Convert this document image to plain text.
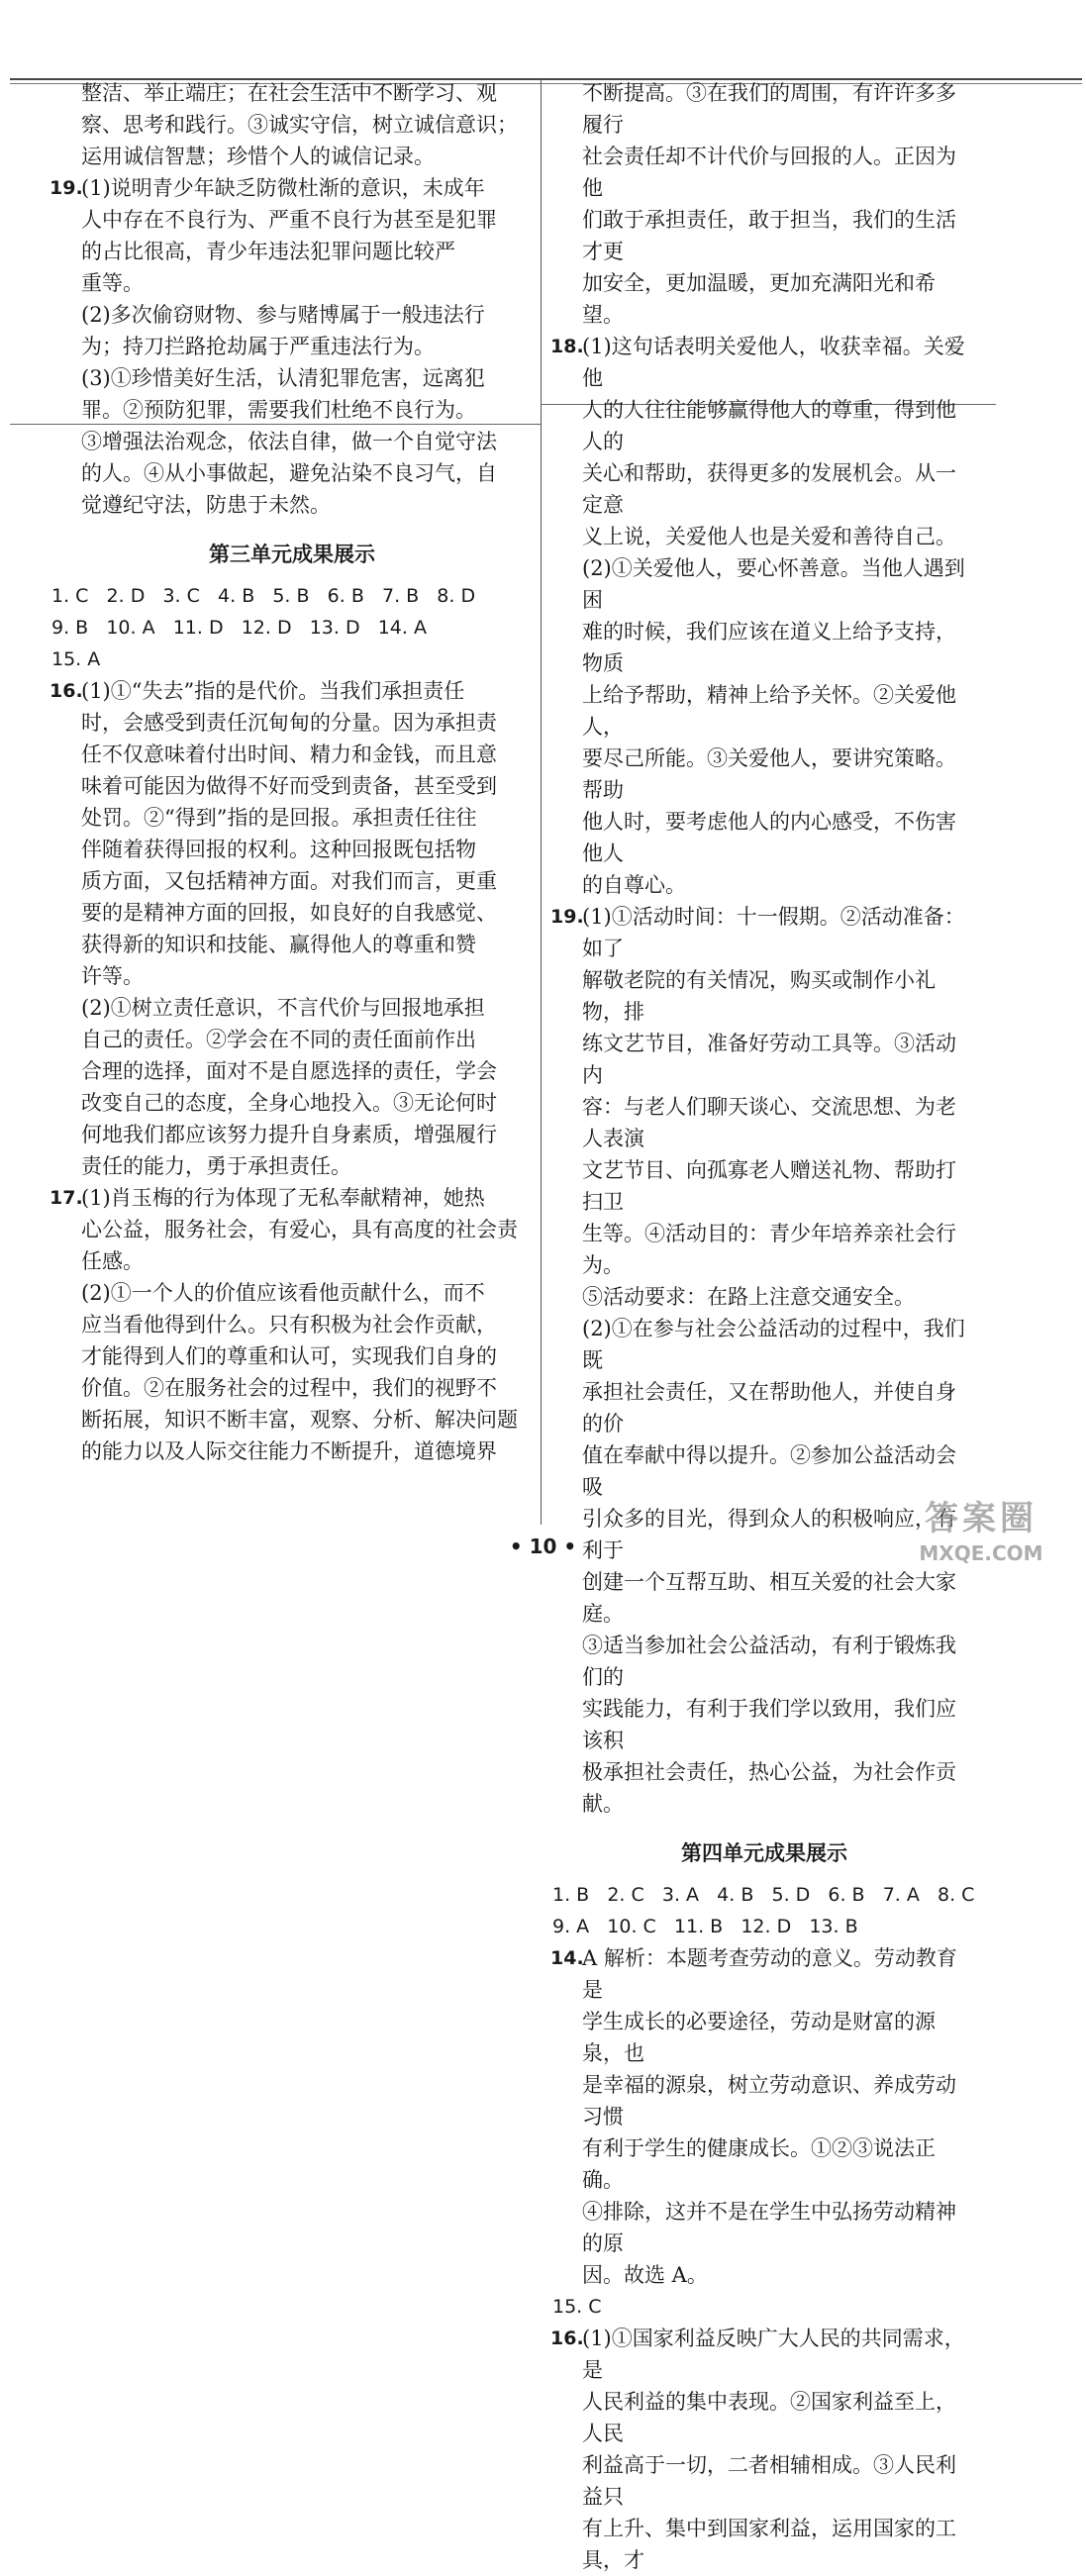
整洁、举止端庄；在社会生活中不断学习、观
察、思考和践行。③诚实守信，树立诚信意识；
运用诚信智慧；珍惜个人的诚信记录。
19.
(1)说明青少年缺乏防微杜渐的意识，未成年
人中存在不良行为、严重不良行为甚至是犯罪
的占比很高，青少年违法犯罪问题比较严
重等。
(2)多次偷窃财物、参与赌博属于一般违法行
为；持刀拦路抢劫属于严重违法行为。
(3)①珍惜美好生活，认清犯罪危害，远离犯
罪。②预防犯罪，需要我们杜绝不良行为。
③增强法治观念，依法自律，做一个自觉守法
的人。④从小事做起，避免沾染不良习气，自
觉遵纪守法，防患于未然。
第三单元成果展示
1. C   2. D   3. C   4. B   5. B   6. B   7. B   8. D
9. B   10. A   11. D   12. D   13. D   14. A
15. A
16.
(1)①“失去”指的是代价。当我们承担责任
时，会感受到责任沉甸甸的分量。因为承担责
任不仅意味着付出时间、精力和金钱，而且意
味着可能因为做得不好而受到责备，甚至受到
处罚。②“得到”指的是回报。承担责任往往
伴随着获得回报的权利。这种回报既包括物
质方面，又包括精神方面。对我们而言，更重
要的是精神方面的回报，如良好的自我感觉、
获得新的知识和技能、赢得他人的尊重和赞
许等。
(2)①树立责任意识，不言代价与回报地承担
自己的责任。②学会在不同的责任面前作出
合理的选择，面对不是自愿选择的责任，学会
改变自己的态度，全身心地投入。③无论何时
何地我们都应该努力提升自身素质，增强履行
责任的能力，勇于承担责任。
17.
(1)肖玉梅的行为体现了无私奉献精神，她热
心公益，服务社会，有爱心，具有高度的社会责
任感。
(2)①一个人的价值应该看他贡献什么，而不
应当看他得到什么。只有积极为社会作贡献，
才能得到人们的尊重和认可，实现我们自身的
价值。②在服务社会的过程中，我们的视野不
断拓展，知识不断丰富，观察、分析、解决问题
的能力以及人际交往能力不断提升，道德境界
不断提高。③在我们的周围，有许许多多履行
社会责任却不计代价与回报的人。正因为他
们敢于承担责任，敢于担当，我们的生活才更
加安全，更加温暖，更加充满阳光和希望。
18.
(1)这句话表明关爱他人，收获幸福。关爱他
人的人往往能够赢得他人的尊重，得到他人的
关心和帮助，获得更多的发展机会。从一定意
义上说，关爱他人也是关爱和善待自己。
(2)①关爱他人，要心怀善意。当他人遇到困
难的时候，我们应该在道义上给予支持，物质
上给予帮助，精神上给予关怀。②关爱他人，
要尽己所能。③关爱他人，要讲究策略。帮助
他人时，要考虑他人的内心感受，不伤害他人
的自尊心。
19.
(1)①活动时间：十一假期。②活动准备：如了
解敬老院的有关情况，购买或制作小礼物，排
练文艺节目，准备好劳动工具等。③活动内
容：与老人们聊天谈心、交流思想、为老人表演
文艺节目、向孤寡老人赠送礼物、帮助打扫卫
生等。④活动目的：青少年培养亲社会行为。
⑤活动要求：在路上注意交通安全。
(2)①在参与社会公益活动的过程中，我们既
承担社会责任，又在帮助他人，并使自身的价
值在奉献中得以提升。②参加公益活动会吸
引众多的目光，得到众人的积极响应，有利于
创建一个互帮互助、相互关爱的社会大家庭。
③适当参加社会公益活动，有利于锻炼我们的
实践能力，有利于我们学以致用，我们应该积
极承担社会责任，热心公益，为社会作贡献。
第四单元成果展示
1. B   2. C   3. A   4. B   5. D   6. B   7. A   8. C
9. A   10. C   11. B   12. D   13. B
14.
A 解析：本题考查劳动的意义。劳动教育是
学生成长的必要途径，劳动是财富的源泉，也
是幸福的源泉，树立劳动意识、养成劳动习惯
有利于学生的健康成长。①②③说法正确。
④排除，这并不是在学生中弘扬劳动精神的原
因。故选 A。
15. C
16.
(1)①国家利益反映广大人民的共同需求，是
人民利益的集中表现。②国家利益至上，人民
利益高于一切，二者相辅相成。③人民利益只
有上升、集中到国家利益，运用国家的工具，才
• 10 •
答案圈
MXQE.COM
